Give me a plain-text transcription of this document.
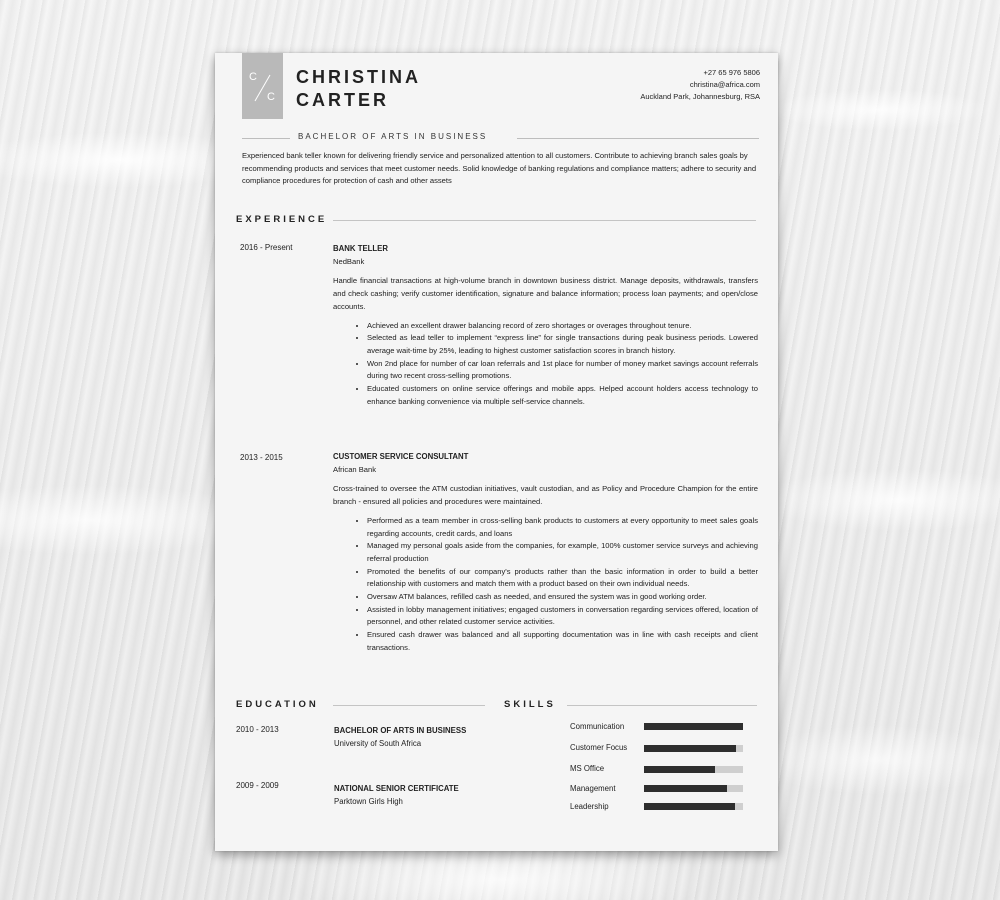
C
C
CHRISTINA
CARTER
+27 65 976 5806
christina@africa.com
Auckland Park, Johannesburg, RSA
BACHELOR OF ARTS IN BUSINESS
Experienced bank teller known for delivering friendly service and personalized attention to all customers. Contribute to achieving branch sales goals by recommending products and services that meet customer needs. Solid knowledge of banking regulations and compliance matters; adhere to security and compliance procedures for protection of cash and other assets
EXPERIENCE
2016 - Present	BANK TELLER
NedBank

Handle financial transactions at high-volume branch in downtown business district. Manage deposits, withdrawals, transfers and check cashing; verify customer identification, signature and balance information; process loan payments; and open/close accounts.

• Achieved an excellent drawer balancing record of zero shortages or overages throughout tenure.
• Selected as lead teller to implement “express line” for single transactions during peak business periods. Lowered average wait-time by 25%, leading to highest customer satisfaction scores in branch history.
• Won 2nd place for number of car loan referrals and 1st place for number of money market savings account referrals during two recent cross-selling promotions.
• Educated customers on online service offerings and mobile apps. Helped account holders access technology to enhance banking convenience via multiple self-service channels.
2013 - 2015	CUSTOMER SERVICE CONSULTANT
African Bank

Cross-trained to oversee the ATM custodian initiatives, vault custodian, and as Policy and Procedure Champion for the entire branch - ensured all policies and procedures were maintained.

• Performed as a team member in cross-selling bank products to customers at every opportunity to meet sales goals regarding accounts, credit cards, and loans
• Managed my personal goals aside from the companies, for example, 100% customer service surveys and achieving referral production
• Promoted the benefits of our company's products rather than the basic information in order to build a better relationship with customers and match them with a product based on their own individual needs.
• Oversaw ATM balances, refilled cash as needed, and ensured the system was in good working order.
• Assisted in lobby management initiatives; engaged customers in conversation regarding services offered, location of personnel, and other related customer service activities.
• Ensured cash drawer was balanced and all supporting documentation was in line with cash receipts and client transactions.
EDUCATION
2010 - 2013	BACHELOR OF ARTS IN BUSINESS
University of South Africa
2009 - 2009	NATIONAL SENIOR CERTIFICATE
Parktown Girls High
SKILLS
Communication
Customer Focus
MS Office
Management
Leadership
